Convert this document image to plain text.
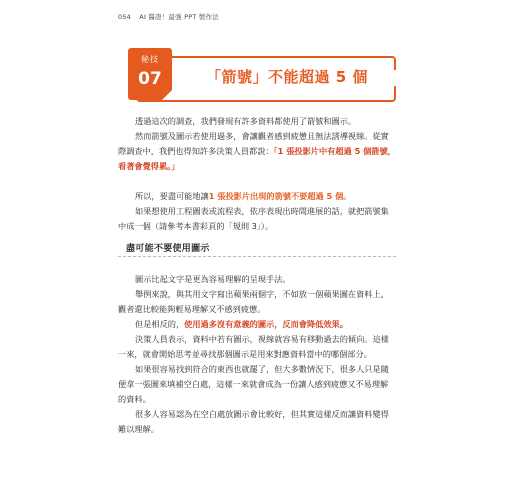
054 AI 醫證！最強 PPT 製作法
秘技
07	「箭號」不能超過 5 個

透過這次的調查，我們發現有許多資料都使用了箭號和圖示。

然而箭號及圖示若使用過多，會讓觀者感到疲憊且無法誘導視線。從實際調查中，我們也得知許多決策人員都說：「1 張投影片中有超過 5 個箭號，看著會覺得累。」

所以，要盡可能地讓1 張投影片出現的箭號不要超過 5 個。

如果想使用工程圖表或流程表，依序表現出時間進展的話，就把箭號集中成一個（請參考本書彩頁的「規則 3」）。

盡可能不要使用圖示

圖示比起文字是更為容易理解的呈現手法。

舉例來說，與其用文字寫出蘋果兩個字，不如放一個蘋果圖在資料上，觀者還比較能夠輕易理解又不感到疲憊。

但是相反的，使用過多沒有意義的圖示，反而會降低效果。

決策人員表示，資料中若有圖示，視線就容易有移動過去的傾向。這樣一來，就會開始思考並尋找那個圖示是用來對應資料當中的哪個部分。

如果很容易找到符合的東西也就罷了，但大多數情況下，很多人只是隨便拿一張圖來填補空白處，這樣一來就會成為一份讓人感到疲憊又不易理解的資料。

很多人容易認為在空白處放圖示會比較好，但其實這樣反而讓資料變得難以理解。
